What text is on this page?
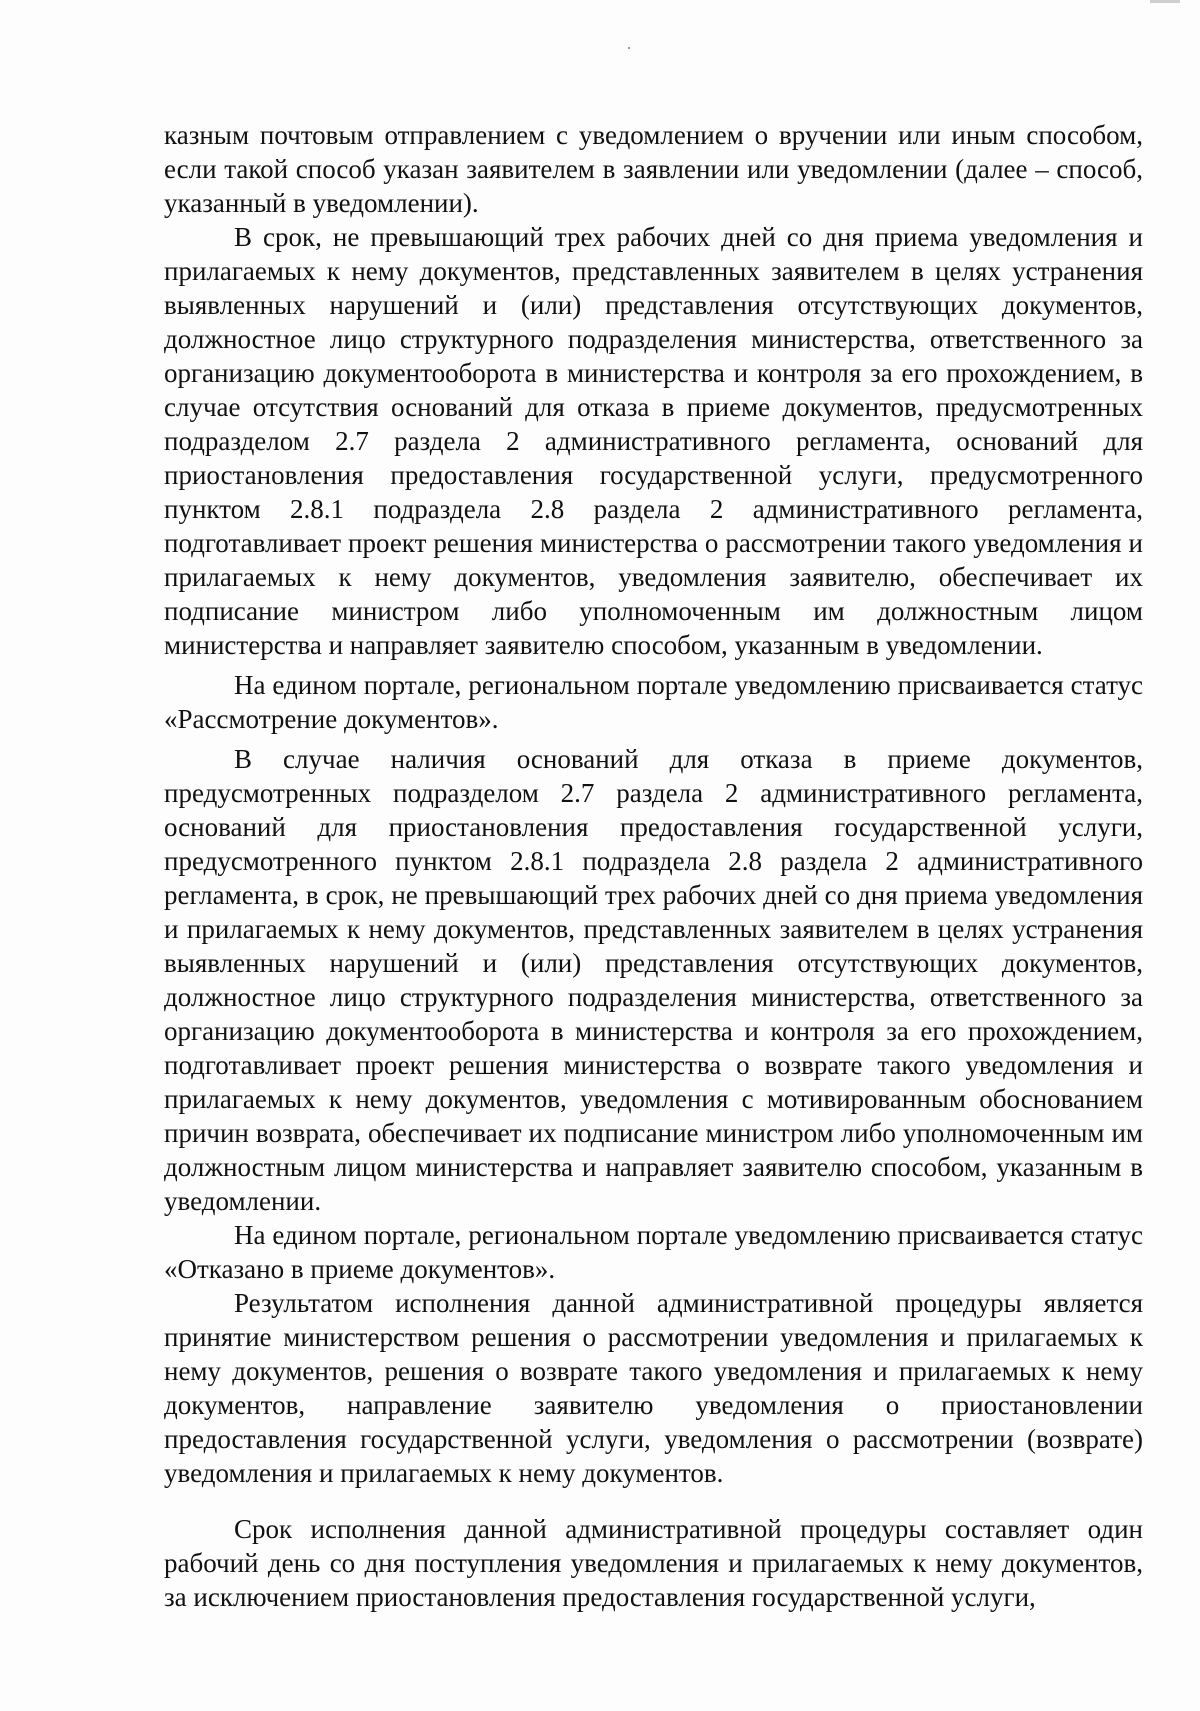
казным почтовым отправлением с уведомлением о вручении или иным способом, если такой способ указан заявителем в заявлении или уведомлении (далее – способ, указанный в уведомлении).

В срок, не превышающий трех рабочих дней со дня приема уведомления и прилагаемых к нему документов, представленных заявителем в целях устранения выявленных нарушений и (или) представления отсутствующих документов, должностное лицо структурного подразделения министерства, ответственного за организацию документооборота в министерства и контроля за его прохождением, в случае отсутствия оснований для отказа в приеме документов, предусмотренных подразделом 2.7 раздела 2 административного регламента, оснований для приостановления предоставления государственной услуги, предусмотренного пунктом 2.8.1 подраздела 2.8 раздела 2 административного регламента, подготавливает проект решения министерства о рассмотрении такого уведомления и прилагаемых к нему документов, уведомления заявителю, обеспечивает их подписание министром либо уполномоченным им должностным лицом министерства и направляет заявителю способом, указанным в уведомлении.

На едином портале, региональном портале уведомлению присваивается статус «Рассмотрение документов».

В случае наличия оснований для отказа в приеме документов, предусмотренных подразделом 2.7 раздела 2 административного регламента, оснований для приостановления предоставления государственной услуги, предусмотренного пунктом 2.8.1 подраздела 2.8 раздела 2 административного регламента, в срок, не превышающий трех рабочих дней со дня приема уведомления и прилагаемых к нему документов, представленных заявителем в целях устранения выявленных нарушений и (или) представления отсутствующих документов, должностное лицо структурного подразделения министерства, ответственного за организацию документооборота в министерства и контроля за его прохождением, подготавливает проект решения министерства о возврате такого уведомления и прилагаемых к нему документов, уведомления с мотивированным обоснованием причин возврата, обеспечивает их подписание министром либо уполномоченным им должностным лицом министерства и направляет заявителю способом, указанным в уведомлении.

На едином портале, региональном портале уведомлению присваивается статус «Отказано в приеме документов».

Результатом исполнения данной административной процедуры является принятие министерством решения о рассмотрении уведомления и прилагаемых к нему документов, решения о возврате такого уведомления и прилагаемых к нему документов, направление заявителю уведомления о приостановлении предоставления государственной услуги, уведомления о рассмотрении (возврате) уведомления и прилагаемых к нему документов.

Срок исполнения данной административной процедуры составляет один рабочий день со дня поступления уведомления и прилагаемых к нему документов, за исключением приостановления предоставления государственной услуги,
